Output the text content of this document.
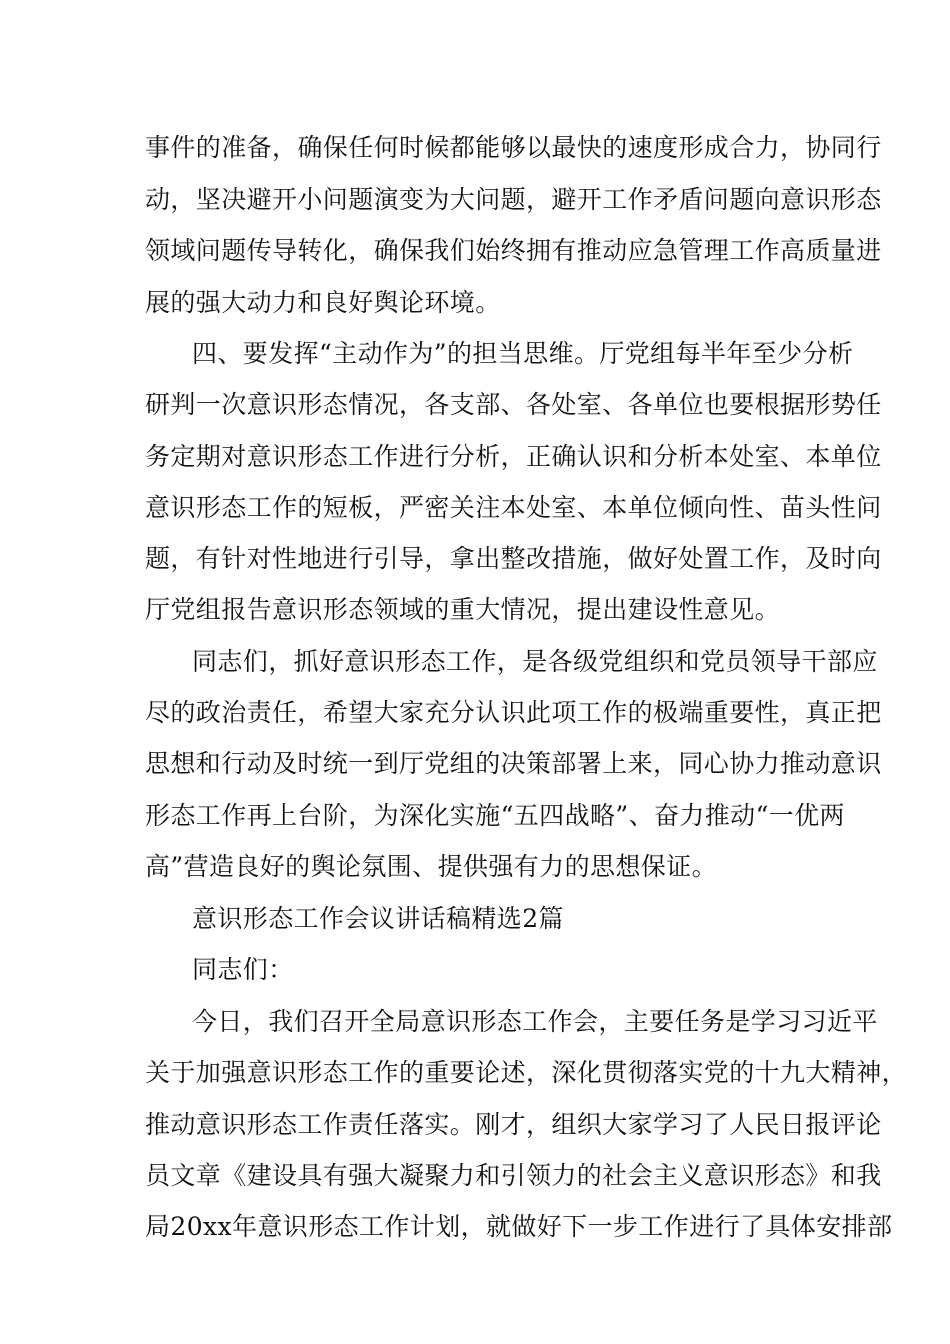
事件的准备，确保任何时候都能够以最快的速度形成合力，协同行
动，坚决避开小问题演变为大问题，避开工作矛盾问题向意识形态
领域问题传导转化，确保我们始终拥有推动应急管理工作高质量进
展的强大动力和良好舆论环境。
四、要发挥“主动作为”的担当思维。厅党组每半年至少分析
研判一次意识形态情况，各支部、各处室、各单位也要根据形势任
务定期对意识形态工作进行分析，正确认识和分析本处室、本单位
意识形态工作的短板，严密关注本处室、本单位倾向性、苗头性问
题，有针对性地进行引导，拿出整改措施，做好处置工作，及时向
厅党组报告意识形态领域的重大情况，提出建设性意见。
同志们，抓好意识形态工作，是各级党组织和党员领导干部应
尽的政治责任，希望大家充分认识此项工作的极端重要性，真正把
思想和行动及时统一到厅党组的决策部署上来，同心协力推动意识
形态工作再上台阶，为深化实施“五四战略”、奋力推动“一优两
高”营造良好的舆论氛围、提供强有力的思想保证。
意识形态工作会议讲话稿精选2篇
同志们：
今日，我们召开全局意识形态工作会，主要任务是学习习近平
关于加强意识形态工作的重要论述，深化贯彻落实党的十九大精神，
推动意识形态工作责任落实。刚才，组织大家学习了人民日报评论
员文章《建设具有强大凝聚力和引领力的社会主义意识形态》和我
局20xx年意识形态工作计划，就做好下一步工作进行了具体安排部
